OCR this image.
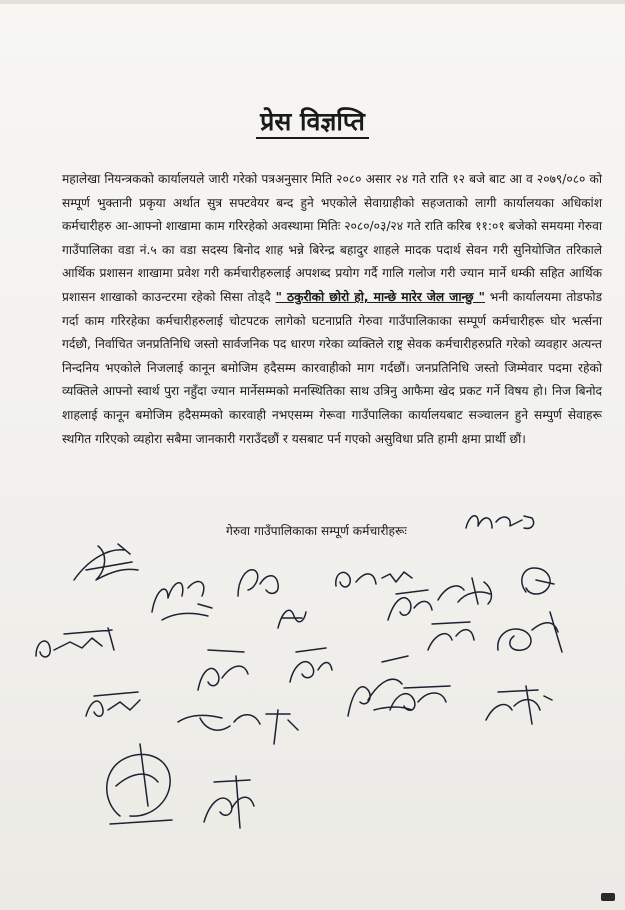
प्रेस विज्ञप्ति

महालेखा नियन्त्रकको कार्यालयले जारी गरेको पत्रअनुसार मिति २०८० असार २४ गते राति १२ बजे बाट आ व २०७९/०८० को सम्पूर्ण भुक्तानी प्रकृया अर्थात सुत्र सफ्टवेयर बन्द हुने भएकोले सेवाग्राहीको सहजताको लागी कार्यालयका अधिकांश कर्मचारीहरु आ-आफ्नो शाखामा काम गरिरहेको अवस्थामा मितिः २०८०/०३/२४ गते राति करिब ११:०१ बजेको समयमा गेरुवा गाउँपालिका वडा नं.५ का वडा सदस्य बिनोद शाह भन्ने बिरेन्द्र बहादुर शाहले मादक पदार्थ सेवन गरी सुनियोजित तरिकाले आर्थिक प्रशासन शाखामा प्रवेश गरी कर्मचारीहरुलाई अपशब्द प्रयोग गर्दै गालि गलोज गरी ज्यान मार्ने धम्की सहित आर्थिक प्रशासन शाखाको काउन्टरमा रहेको सिसा तोड्दै " ठकुरीको छोरो हो, मान्छे मारेर जेल जान्छु " भनी कार्यालयमा तोडफोड गर्दा काम गरिरहेका कर्मचारीहरुलाई चोटपटक लागेको घटनाप्रति गेरुवा गाउँपालिकाका सम्पूर्ण कर्मचारीहरू घोर भर्त्सना गर्दछौ, निर्वाचित जनप्रतिनिधि जस्तो सार्वजनिक पद धारण गरेका व्यक्तिले राष्ट्र सेवक कर्मचारीहरुप्रति गरेको व्यवहार अत्यन्त निन्दनिय भएकोले निजलाई कानून बमोजिम हदैसम्म कारवाहीको माग गर्दछौं। जनप्रतिनिधि जस्तो जिम्मेवार पदमा रहेको व्यक्तिले आफ्नो स्वार्थ पुरा नहुँदा ज्यान मार्नेसम्मको मनस्थितिका साथ उत्रिनु आफैमा खेद प्रकट गर्ने विषय हो। निज बिनोद शाहलाई कानून बमोजिम हदैसम्मको कारवाही नभएसम्म गेरूवा गाउँपालिका कार्यालयबाट सञ्चालन हुने सम्पुर्ण सेवाहरू स्थगित गरिएको व्यहोरा सबैमा जानकारी गराउँदछौं र यसबाट पर्न गएको असुविधा प्रति हामी क्षमा प्रार्थी छौं।

गेरुवा गाउँपालिकाका सम्पूर्ण कर्मचारीहरूः
